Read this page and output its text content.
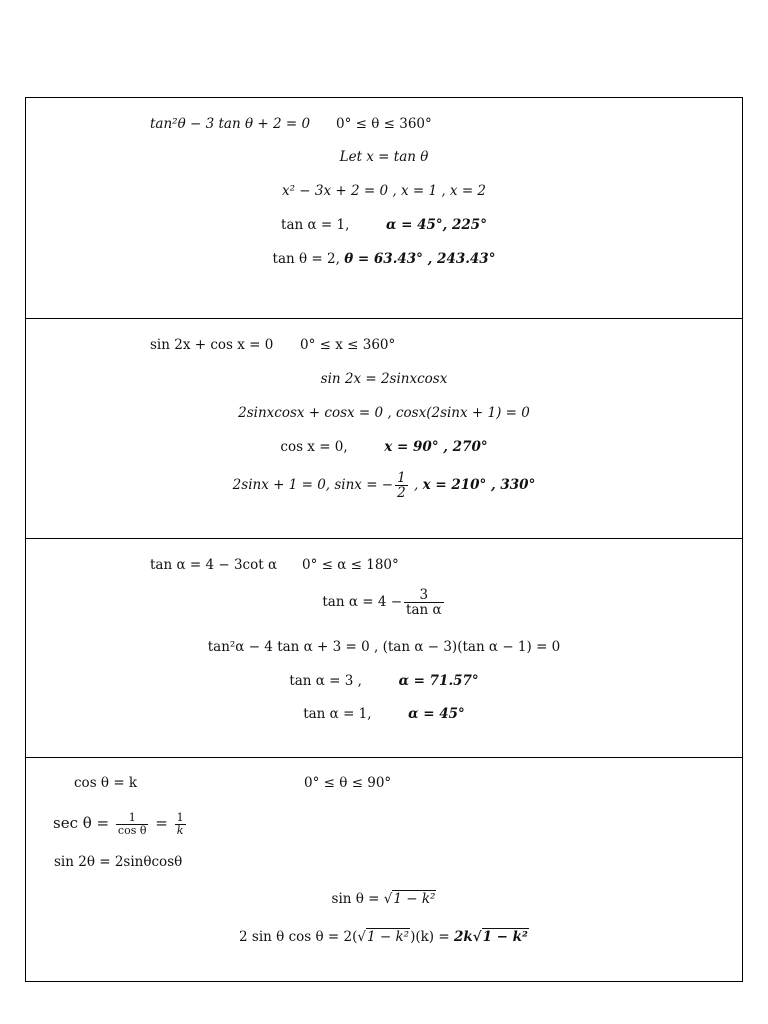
tan²θ − 3 tan θ + 2 = 0 0° ≤ θ ≤ 360°
Let x = tan θ
x² − 3x + 2 = 0 , x = 1 , x = 2
tan α = 1,	α = 45°, 225°
tan θ = 2, θ = 63.43° , 243.43°
sin 2x + cos x = 0 0° ≤ x ≤ 360°
sin 2x = 2sinxcosx
2sinxcosx + cosx = 0 , cosx(2sinx + 1) = 0
cos x = 0,	x = 90° , 270°
2sinx + 1 = 0, sinx = − $\frac{1}{2}$ , x = 210° , 330°
tan α = 4 − 3cot α 0° ≤ α ≤ 180°
$\tan \alpha = 4 - \frac{3}{\text{tan α}}$
tan²α − 4 tan α + 3 = 0 , (tan α − 3)(tan α − 1) = 0
tan α = 3 ,	α = 71.57°
tan α = 1,	α = 45°
cos θ = k	0° ≤ θ ≤ 90°
$\sec \theta = \frac{1}{\text{cos θ}} = \frac{1}{k}$
sin 2θ = 2sinθcosθ
sin θ = √1 − k²
2 sin θ cos θ = 2(√1 − k²)(k) = 2k√1 − k²
